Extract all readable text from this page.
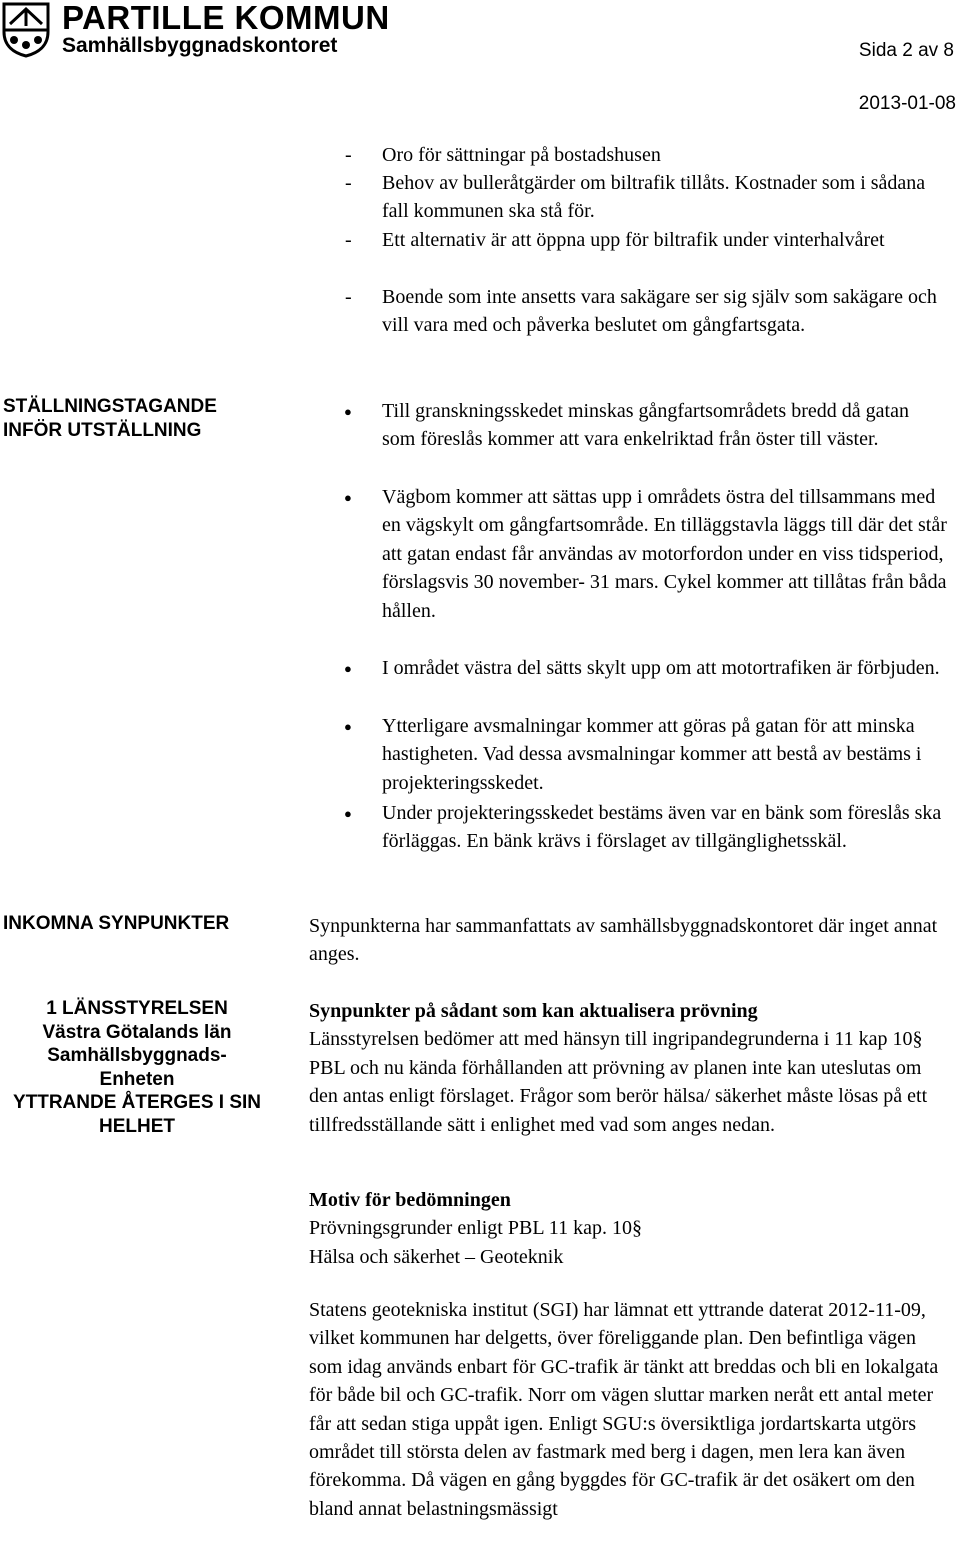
PARTILLE KOMMUN
Samhällsbyggnadskontoret	Sida 2 av 8
2013-01-08
-	Oro för sättningar på bostadshusen
-	Behov av bulleråtgärder om biltrafik tillåts. Kostnader som i sådana fall kommunen ska stå för.
-	Ett alternativ är att öppna upp för biltrafik under vinterhalvåret
-	Boende som inte ansetts vara sakägare ser sig själv som sakägare och vill vara med och påverka beslutet om gångfartsgata.
STÄLLNINGSTAGANDE
INFÖR UTSTÄLLNING
● Till granskningsskedet minskas gångfartsområdets bredd då gatan som föreslås kommer att vara enkelriktad från öster till väster.
● Vägbom kommer att sättas upp i områdets östra del tillsammans med en vägskylt om gångfartsområde. En tilläggstavla läggs till där det står att gatan endast får användas av motorfordon under en viss tidsperiod, förslagsvis 30 november- 31 mars. Cykel kommer att tillåtas från båda hållen.
● I området västra del sätts skylt upp om att motortrafiken är förbjuden.
● Ytterligare avsmalningar kommer att göras på gatan för att minska hastigheten. Vad dessa avsmalningar kommer att bestå av bestäms i projekteringsskedet.
● Under projekteringsskedet bestäms även var en bänk som föreslås ska förläggas. En bänk krävs i förslaget av tillgänglighetsskäl.
INKOMNA SYNPUNKTER	Synpunkterna har sammanfattats av samhällsbyggnadskontoret där inget annat anges.
1 LÄNSSTYRELSEN
Västra Götalands län
Samhällsbyggnads-
Enheten
YTTRANDE ÅTERGES I SIN
HELHET

Synpunkter på sådant som kan aktualisera prövning

Länsstyrelsen bedömer att med hänsyn till ingripandegrunderna i 11 kap 10§ PBL och nu kända förhållanden att prövning av planen inte kan uteslutas om den antas enligt förslaget. Frågor som berör hälsa/ säkerhet måste lösas på ett tillfredsställande sätt i enlighet med vad som anges nedan.

Motiv för bedömningen

Prövningsgrunder enligt PBL 11 kap. 10§

Hälsa och säkerhet – Geoteknik

Statens geotekniska institut (SGI) har lämnat ett yttrande daterat 2012-11-09, vilket kommunen har delgetts, över föreliggande plan. Den befintliga vägen som idag används enbart för GC-trafik är tänkt att breddas och bli en lokalgata för både bil och GC-trafik. Norr om vägen sluttar marken neråt ett antal meter får att sedan stiga uppåt igen. Enligt SGU:s översiktliga jordartskarta utgörs området till största delen av fastmark med berg i dagen, men lera kan även förekomma. Då vägen en gång byggdes för GC-trafik är det osäkert om den bland annat belastningsmässigt
